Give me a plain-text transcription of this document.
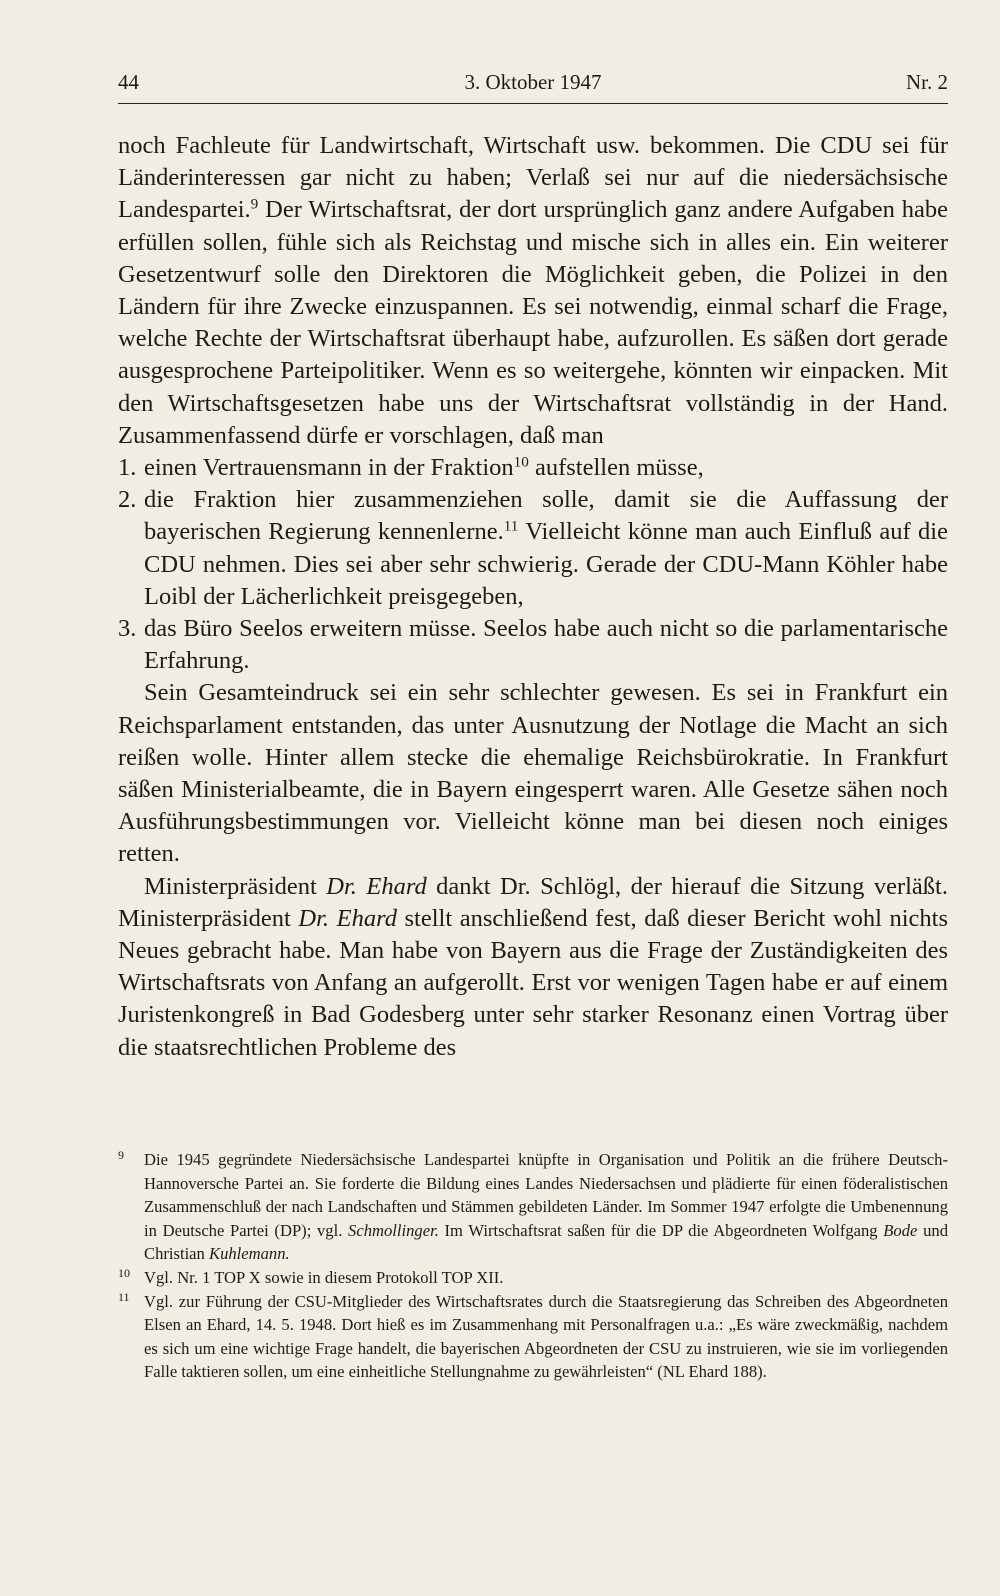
44	3. Oktober 1947	Nr. 2

noch Fachleute für Landwirtschaft, Wirtschaft usw. bekommen. Die CDU sei für Länderinteressen gar nicht zu haben; Verlaß sei nur auf die niedersächsische Landespartei.$^9$ Der Wirtschaftsrat, der dort ursprünglich ganz andere Aufgaben habe erfüllen sollen, fühle sich als Reichstag und mische sich in alles ein. Ein weiterer Gesetzentwurf solle den Direktoren die Möglichkeit geben, die Polizei in den Ländern für ihre Zwecke einzuspannen. Es sei notwendig, einmal scharf die Frage, welche Rechte der Wirtschaftsrat überhaupt habe, aufzurollen. Es säßen dort gerade ausgesprochene Parteipolitiker. Wenn es so weitergehe, könnten wir einpacken. Mit den Wirtschaftsgesetzen habe uns der Wirtschaftsrat vollständig in der Hand. Zusammenfassend dürfe er vorschlagen, daß man

1. einen Vertrauensmann in der Fraktion$^{10}$ aufstellen müsse,
2. die Fraktion hier zusammenziehen solle, damit sie die Auffassung der bayerischen Regierung kennenlerne.$^{11}$ Vielleicht könne man auch Einfluß auf die CDU nehmen. Dies sei aber sehr schwierig. Gerade der CDU-Mann Köhler habe Loibl der Lächerlichkeit preisgegeben,
3. das Büro Seelos erweitern müsse. Seelos habe auch nicht so die parlamentarische Erfahrung.

Sein Gesamteindruck sei ein sehr schlechter gewesen. Es sei in Frankfurt ein Reichsparlament entstanden, das unter Ausnutzung der Notlage die Macht an sich reißen wolle. Hinter allem stecke die ehemalige Reichsbürokratie. In Frankfurt säßen Ministerialbeamte, die in Bayern eingesperrt waren. Alle Gesetze sähen noch Ausführungsbestimmungen vor. Vielleicht könne man bei diesen noch einiges retten.

Ministerpräsident Dr. Ehard dankt Dr. Schlögl, der hierauf die Sitzung verläßt. Ministerpräsident Dr. Ehard stellt anschließend fest, daß dieser Bericht wohl nichts Neues gebracht habe. Man habe von Bayern aus die Frage der Zuständigkeiten des Wirtschaftsrats von Anfang an aufgerollt. Erst vor wenigen Tagen habe er auf einem Juristenkongreß in Bad Godesberg unter sehr starker Resonanz einen Vortrag über die staatsrechtlichen Probleme des

9 Die 1945 gegründete Niedersächsische Landespartei knüpfte in Organisation und Politik an die frühere Deutsch-Hannoversche Partei an. Sie forderte die Bildung eines Landes Niedersachsen und plädierte für einen föderalistischen Zusammenschluß der nach Landschaften und Stämmen gebildeten Länder. Im Sommer 1947 erfolgte die Umbenennung in Deutsche Partei (DP); vgl. Schmollinger. Im Wirtschaftsrat saßen für die DP die Abgeordneten Wolfgang Bode und Christian Kuhlemann.

10 Vgl. Nr. 1 TOP X sowie in diesem Protokoll TOP XII.

11 Vgl. zur Führung der CSU-Mitglieder des Wirtschaftsrates durch die Staatsregierung das Schreiben des Abgeordneten Elsen an Ehard, 14. 5. 1948. Dort hieß es im Zusammenhang mit Personalfragen u.a.: „Es wäre zweckmäßig, nachdem es sich um eine wichtige Frage handelt, die bayerischen Abgeordneten der CSU zu instruieren, wie sie im vorliegenden Falle taktieren sollen, um eine einheitliche Stellungnahme zu gewährleisten“ (NL Ehard 188).
